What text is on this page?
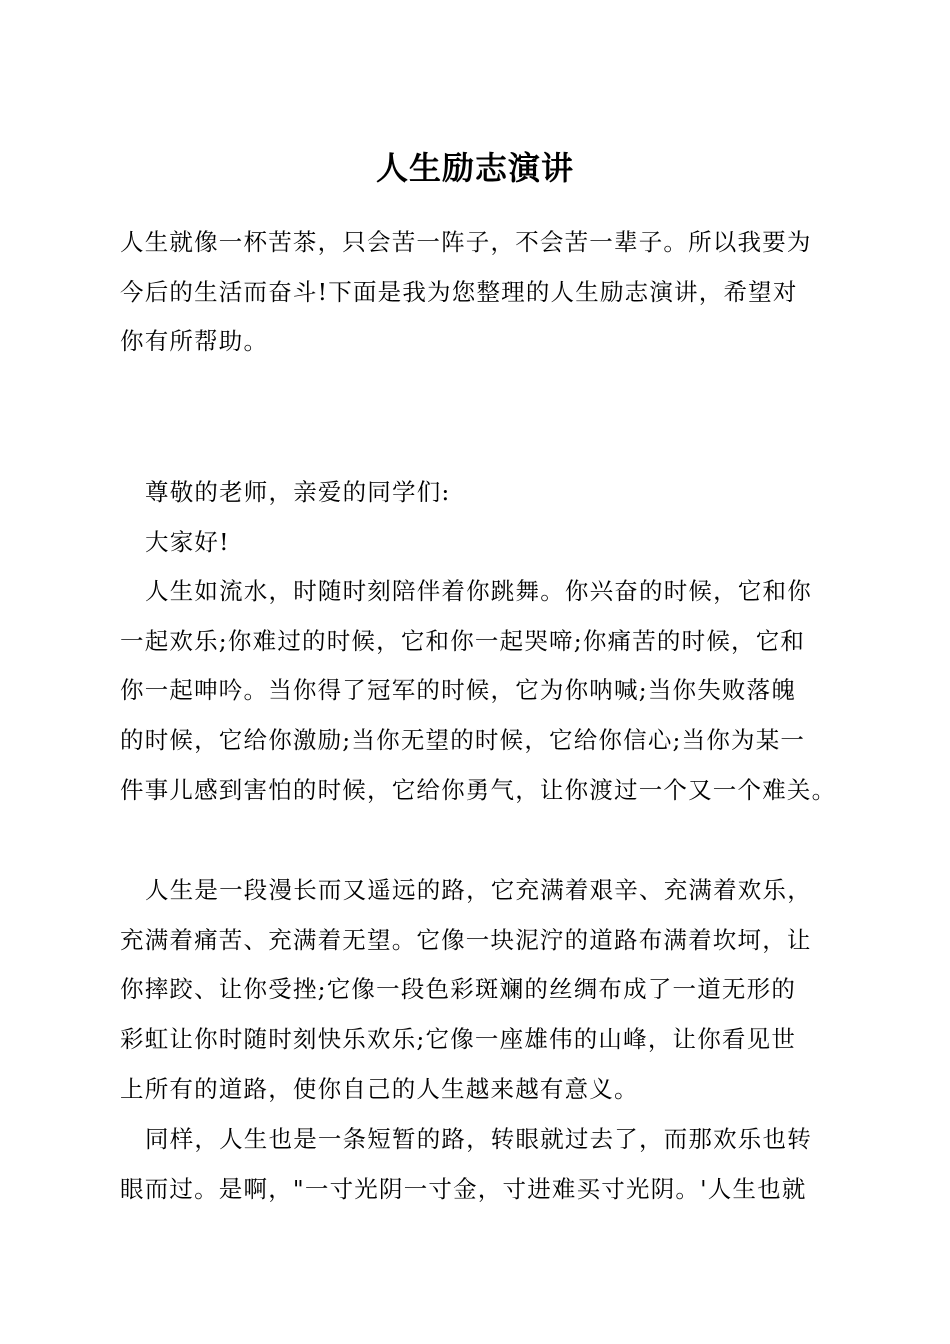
人生励志演讲
人生就像一杯苦茶，只会苦一阵子，不会苦一辈子。所以我要为
今后的生活而奋斗!下面是我为您整理的人生励志演讲，希望对
你有所帮助。
尊敬的老师，亲爱的同学们:
大家好!
人生如流水，时随时刻陪伴着你跳舞。你兴奋的时候，它和你
一起欢乐;你难过的时候，它和你一起哭啼;你痛苦的时候，它和
你一起呻吟。当你得了冠军的时候，它为你呐喊;当你失败落魄
的时候，它给你激励;当你无望的时候，它给你信心;当你为某一
件事儿感到害怕的时候，它给你勇气，让你渡过一个又一个难关。
人生是一段漫长而又遥远的路，它充满着艰辛、充满着欢乐，
充满着痛苦、充满着无望。它像一块泥泞的道路布满着坎坷，让
你摔跤、让你受挫;它像一段色彩斑斓的丝绸布成了一道无形的
彩虹让你时随时刻快乐欢乐;它像一座雄伟的山峰，让你看见世
上所有的道路，使你自己的人生越来越有意义。
同样，人生也是一条短暂的路，转眼就过去了，而那欢乐也转
眼而过。是啊，"一寸光阴一寸金，寸进难买寸光阴。'人生也就
